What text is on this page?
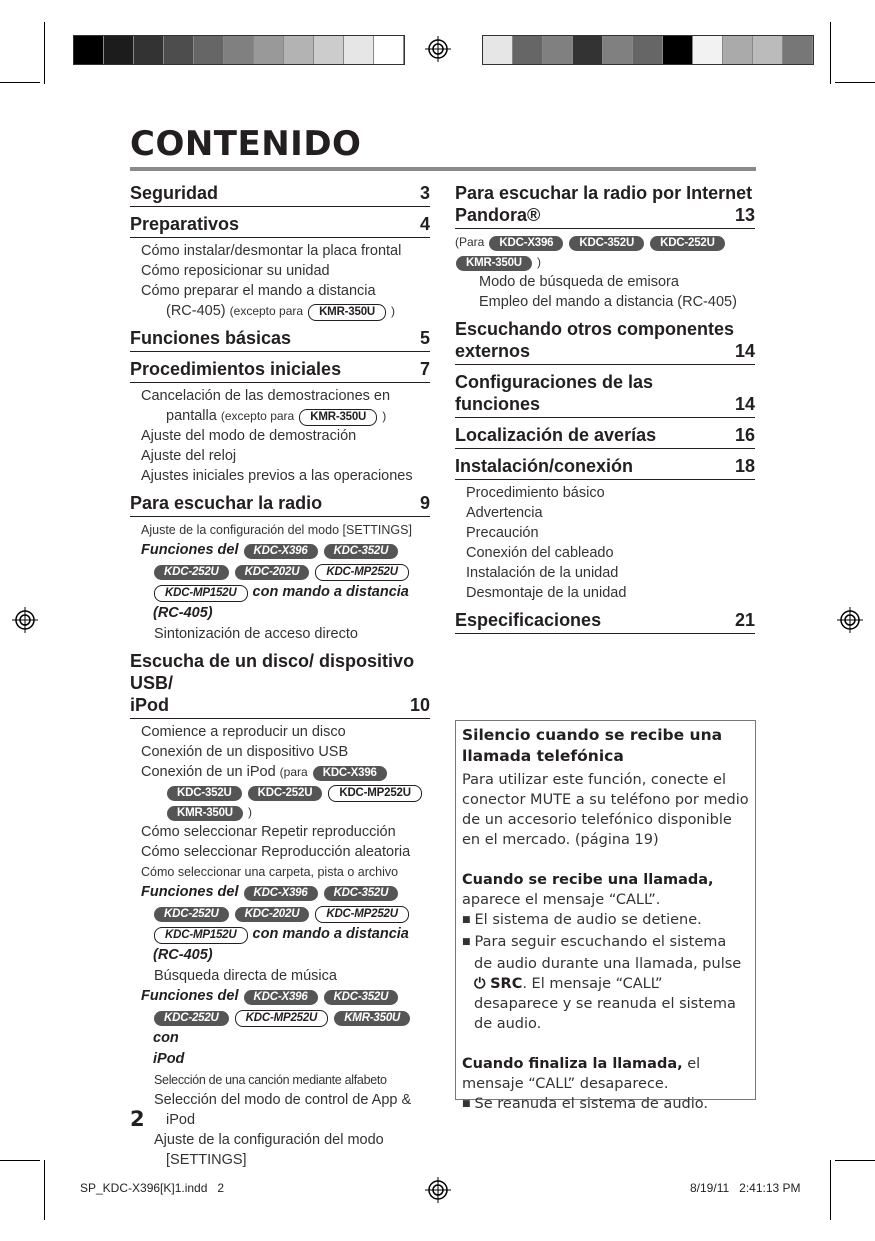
CONTENIDO
Seguridad	3
Preparativos	4
Cómo instalar/desmontar la placa frontal
Cómo reposicionar su unidad
Cómo preparar el mando a distancia
(RC-405) (excepto para KMR-350U )
Funciones básicas	5
Procedimientos iniciales	7
Cancelación de las demostraciones en
pantalla (excepto para KMR-350U )
Ajuste del modo de demostración
Ajuste del reloj
Ajustes iniciales previos a las operaciones
Para escuchar la radio	9
Ajuste de la configuración del modo [SETTINGS]
Funciones del KDC-X396 KDC-352U
KDC-252U KDC-202U KDC-MP252U
KDC-MP152U con mando a distancia
(RC-405)
Sintonización de acceso directo
Escucha de un disco/ dispositivo USB/
iPod	10
Comience a reproducir un disco
Conexión de un dispositivo USB
Conexión de un iPod (para KDC-X396
KDC-352U KDC-252U KDC-MP252U
KMR-350U )
Cómo seleccionar Repetir reproducción
Cómo seleccionar Reproducción aleatoria
Cómo seleccionar una carpeta, pista o archivo
Funciones del KDC-X396 KDC-352U
KDC-252U KDC-202U KDC-MP252U
KDC-MP152U con mando a distancia
(RC-405)
Búsqueda directa de música
Funciones del KDC-X396 KDC-352U
KDC-252U KDC-MP252U KMR-350U con
iPod
Selección de una canción mediante alfabeto
Selección del modo de control de App &
iPod
Ajuste de la configuración del modo
[SETTINGS]
Para escuchar la radio por Internet
Pandora®	13
(Para KDC-X396 KDC-352U KDC-252U
KMR-350U )
Modo de búsqueda de emisora
Empleo del mando a distancia (RC-405)
Escuchando otros componentes
externos	14
Configuraciones de las funciones	14
Localización de averías	16
Instalación/conexión	18
Procedimiento básico
Advertencia
Precaución
Conexión del cableado
Instalación de la unidad
Desmontaje de la unidad
Especificaciones	21
Silencio cuando se recibe una llamada telefónica

Para utilizar este función, conecte el conector MUTE a su teléfono por medio de un accesorio telefónico disponible en el mercado. (página 19)

Cuando se recibe una llamada, aparece el mensaje “CALL”.

■ El sistema de audio se detiene.

■ Para seguir escuchando el sistema de audio durante una llamada, pulse ⏻ SRC. El mensaje “CALL” desaparece y se reanuda el sistema de audio.

Cuando finaliza la llamada, el mensaje “CALL” desaparece.

■ Se reanuda el sistema de audio.

2
SP_KDC-X396[K]1.indd   2	8/19/11   2:41:13 PM
